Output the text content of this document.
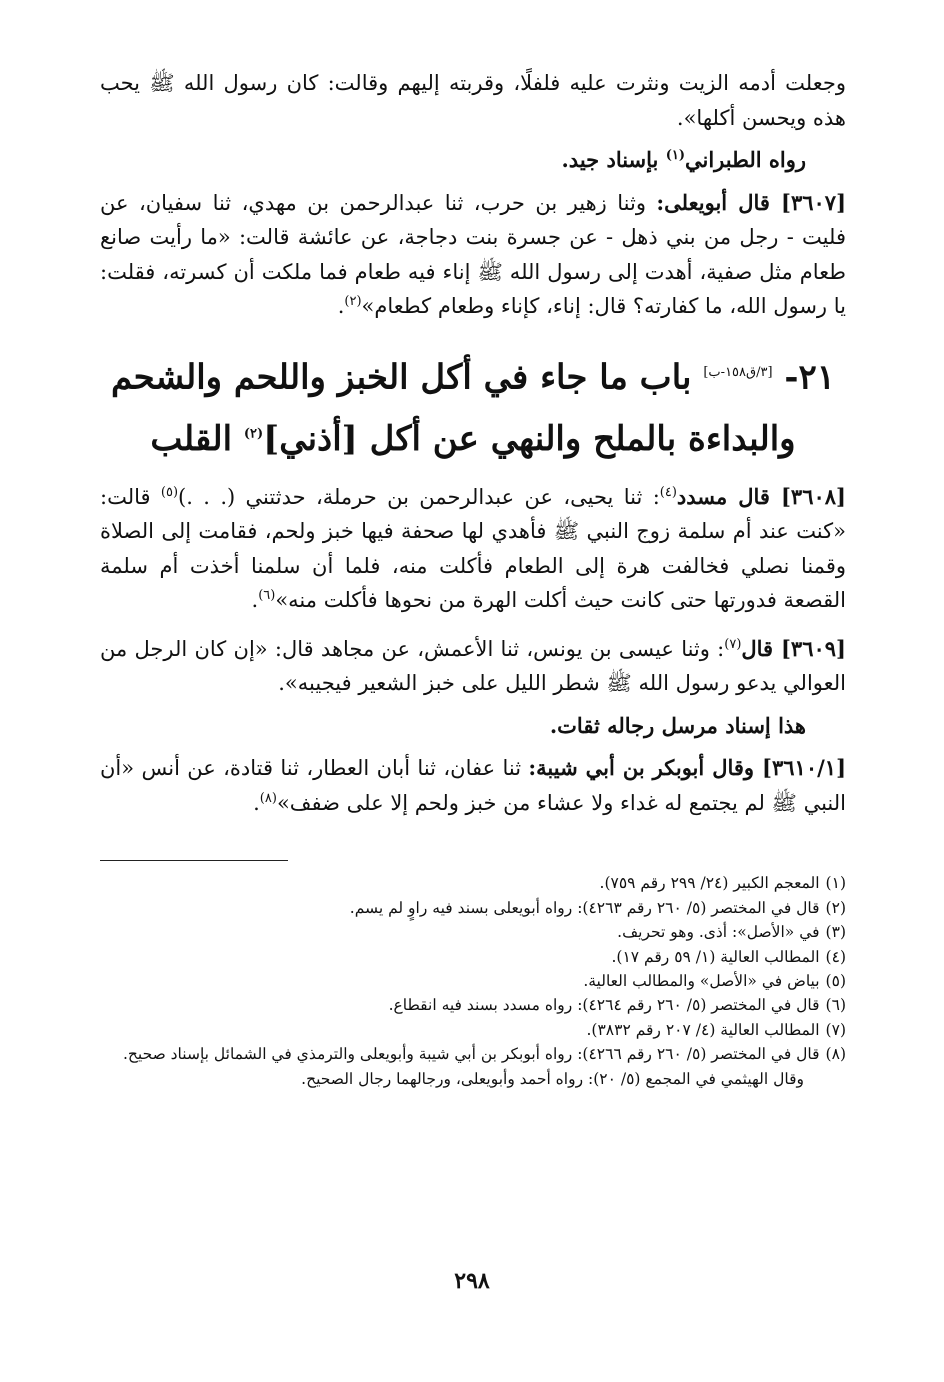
وجعلت أدمه الزيت ونثرت عليه فلفلًا، وقربته إليهم وقالت: كان رسول الله ﷺ يحب هذه ويحسن أكلها».

رواه الطبراني$^{(١)}$ بإسناد جيد.

[٣٦٠٧] قال أبويعلى: وثنا زهير بن حرب، ثنا عبدالرحمن بن مهدي، ثنا سفيان، عن فليت - رجل من بني ذهل - عن جسرة بنت دجاجة، عن عائشة قالت: «ما رأيت صانع طعام مثل صفية، أهدت إلى رسول الله ﷺ إناء فيه طعام فما ملكت أن كسرته، فقلت: يا رسول الله، ما كفارته؟ قال: إناء، كإناء وطعام كطعام»$^{(٢)}$.

٢١- [٣/ق١٥٨-ب] باب ما جاء في أكل الخبز واللحم والشحم
والبداءة بالملح والنهي عن أكل [أذني]$^{(٢)}$ القلب

[٣٦٠٨] قال مسدد$^{(٤)}$: ثنا يحيى، عن عبدالرحمن بن حرملة، حدثتني (. . .)$^{(٥)}$ قالت: «كنت عند أم سلمة زوج النبي ﷺ فأهدي لها صحفة فيها خبز ولحم، فقامت إلى الصلاة وقمنا نصلي فخالفت هرة إلى الطعام فأكلت منه، فلما أن سلمنا أخذت أم سلمة القصعة فدورتها حتى كانت حيث أكلت الهرة من نحوها فأكلت منه»$^{(٦)}$.

[٣٦٠٩] قال$^{(٧)}$: وثنا عيسى بن يونس، ثنا الأعمش، عن مجاهد قال: «إن كان الرجل من العوالي يدعو رسول الله ﷺ شطر الليل على خبز الشعير فيجيبه».

هذا إسناد مرسل رجاله ثقات.

[٣٦١٠/١] وقال أبوبكر بن أبي شيبة: ثنا عفان، ثنا أبان العطار، ثنا قتادة، عن أنس «أن النبي ﷺ لم يجتمع له غداء ولا عشاء من خبز ولحم إلا على ضفف»$^{(٨)}$.

(١)المعجم الكبير (٢٤/ ٢٩٩ رقم ٧٥٩).
(٢)قال في المختصر (٥/ ٢٦٠ رقم ٤٢٦٣): رواه أبويعلى بسند فيه راوٍ لم يسم.
(٣)في «الأصل»: أذى. وهو تحريف.
(٤)المطالب العالية (١/ ٥٩ رقم ١٧).
(٥)بياض في «الأصل» والمطالب العالية.
(٦)قال في المختصر (٥/ ٢٦٠ رقم ٤٢٦٤): رواه مسدد بسند فيه انقطاع.
(٧)المطالب العالية (٤/ ٢٠٧ رقم ٣٨٣٢).
(٨)قال في المختصر (٥/ ٢٦٠ رقم ٤٢٦٦): رواه أبوبكر بن أبي شيبة وأبويعلى والترمذي في الشمائل بإسناد صحيح.
وقال الهيثمي في المجمع (٥/ ٢٠): رواه أحمد وأبويعلى، ورجالهما رجال الصحيح.
٢٩٨
